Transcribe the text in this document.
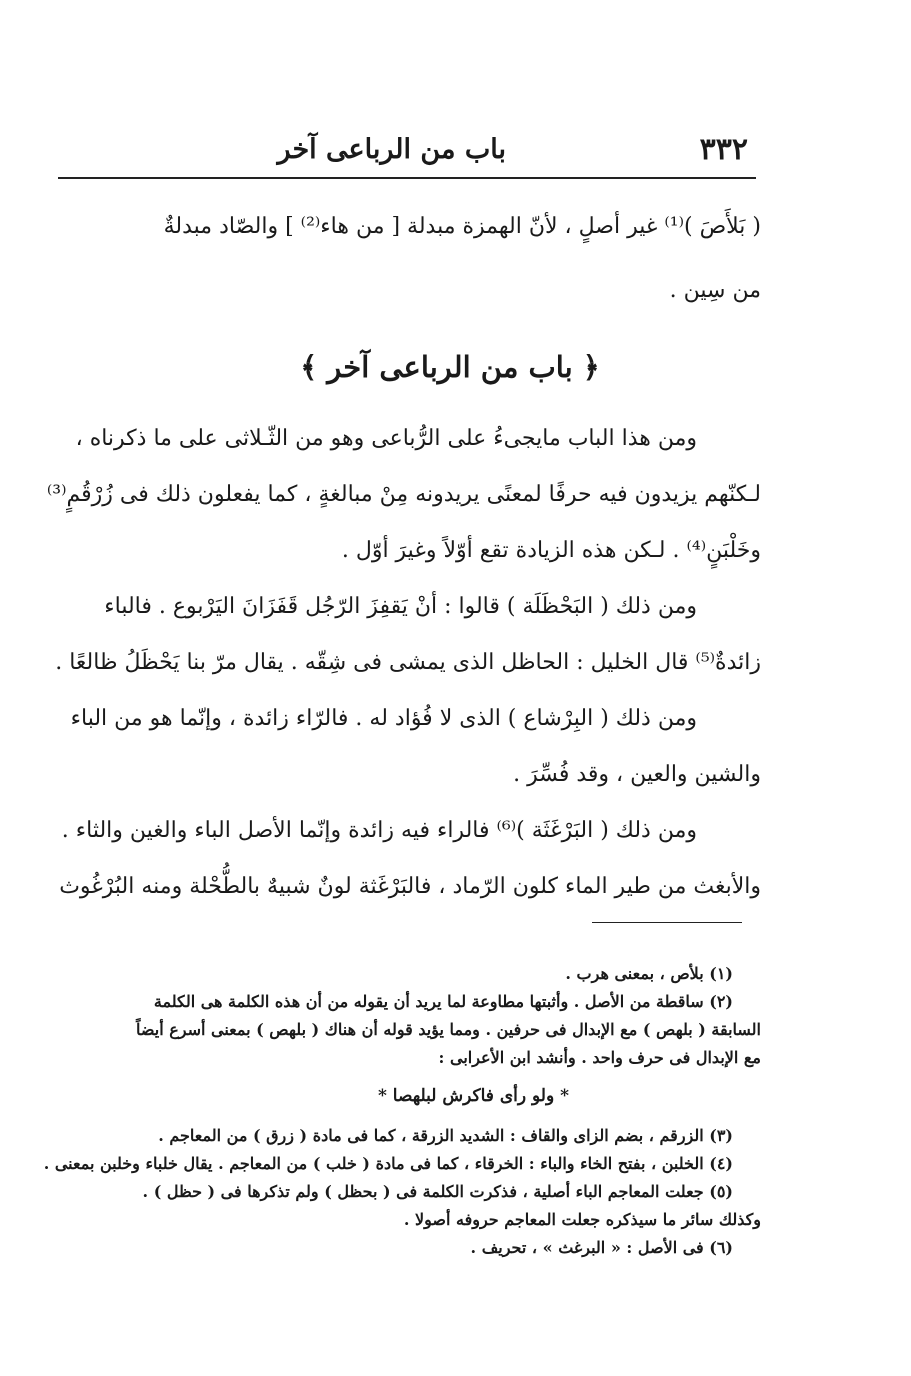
٣٣٢
باب من الرباعى آخر
( بَلأَصَ )⁽¹⁾ غير أصلٍ ، لأنّ الهمزة مبدلة [ من هاء⁽²⁾ ] والصّاد مبدلةٌ
من سِين .
﴿ باب من الرباعى آخر ﴾
ومن هذا الباب مايجىءُ على الرُّباعى وهو من الثّـلاثى على ما ذكرناه ،
لـكنّهم يزيدون فيه حرفًا لمعنًى يريدونه مِنْ مبالغةٍ ، كما يفعلون ذلك فى زُرْقُمٍ⁽³⁾
وخَلْبَنٍ⁽⁴⁾ . لـكن هذه الزيادة تقع أوّلاً وغيرَ أوّل .
ومن ذلك ( البَحْظَلَة ) قالوا : أنْ يَقفِزَ الرّجُل قَفَزَانَ اليَرْبوع . فالباء
زائدةٌ⁽⁵⁾ قال الخليل : الحاظل الذى يمشى فى شِقّه . يقال مرّ بنا يَحْظَلُ ظالعًا .
ومن ذلك ( البِرْشاع ) الذى لا فُؤاد له . فالرّاء زائدة ، وإنّما هو من الباء
والشين والعين ، وقد فُسِّرَ .
ومن ذلك ( البَرْغَثَة )⁽⁶⁾ فالراء فيه زائدة وإنّما الأصل الباء والغين والثاء .
والأبغث من طير الماء كلون الرّماد ، فالبَرْغَثة لونٌ شبيهٌ بالطُّحْلة ومنه البُرْغُوث
(١) بلأص ، بمعنى هرب .
(٢) ساقطة من الأصل . وأثبتها مطاوعة لما يريد أن يقوله من أن هذه الكلمة هى الكلمة
السابقة ( بلهص ) مع الإبدال فى حرفين . ومما يؤيد قوله أن هناك ( بلهص ) بمعنى أسرع أيضاً
مع الإبدال فى حرف واحد . وأنشد ابن الأعرابى :
* ولو رأى فاكرش لبلهصا *
(٣) الزرقم ، بضم الزاى والقاف : الشديد الزرقة ، كما فى مادة ( زرق ) من المعاجم .
(٤) الخلبن ، بفتح الخاء والباء : الخرقاء ، كما فى مادة ( خلب ) من المعاجم . يقال خلباء وخلبن بمعنى .
(٥) جعلت المعاجم الباء أصلية ، فذكرت الكلمة فى ( بحظل ) ولم تذكرها فى ( حظل ) .
وكذلك سائر ما سيذكره جعلت المعاجم حروفه أصولا .
(٦) فى الأصل : « البرغث » ، تحريف .
